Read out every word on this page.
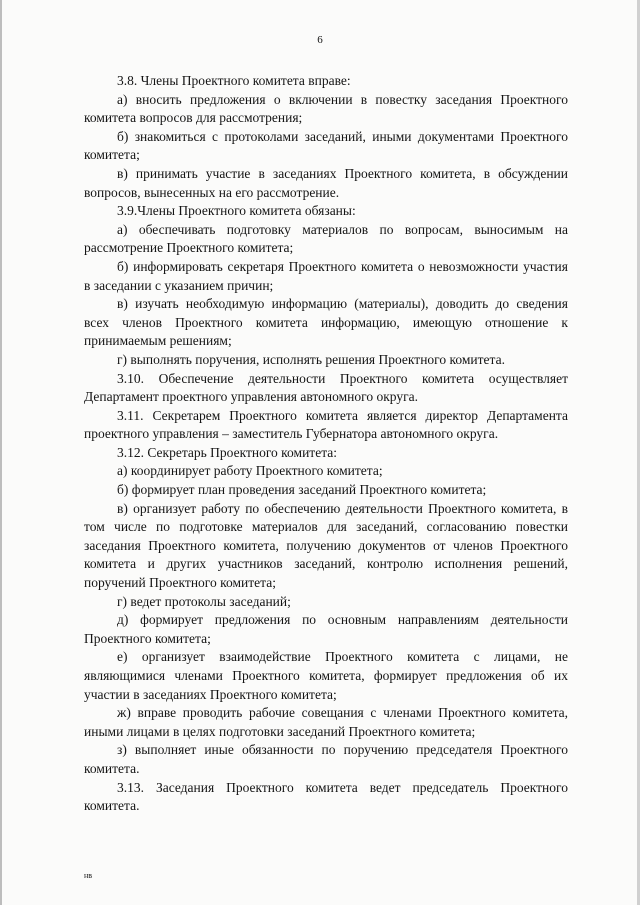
6

3.8. Члены Проектного комитета вправе:

а) вносить предложения о включении в повестку заседания Проектного комитета вопросов для рассмотрения;

б) знакомиться с протоколами заседаний, иными документами Проектного комитета;

в) принимать участие в заседаниях Проектного комитета, в обсуждении вопросов, вынесенных на его рассмотрение.

3.9.Члены Проектного комитета обязаны:

а) обеспечивать подготовку материалов по вопросам, выносимым на рассмотрение Проектного комитета;

б) информировать секретаря Проектного комитета о невозможности участия в заседании с указанием причин;

в) изучать необходимую информацию (материалы), доводить до сведения всех членов Проектного комитета информацию, имеющую отношение к принимаемым решениям;

г) выполнять поручения, исполнять решения Проектного комитета.

3.10. Обеспечение деятельности Проектного комитета осуществляет Департамент проектного управления автономного округа.

3.11. Секретарем Проектного комитета является директор Департамента проектного управления – заместитель Губернатора автономного округа.

3.12. Секретарь Проектного комитета:

а) координирует работу Проектного комитета;

б) формирует план проведения заседаний Проектного комитета;

в) организует работу по обеспечению деятельности Проектного комитета, в том числе по подготовке материалов для заседаний, согласованию повестки заседания Проектного комитета, получению документов от членов Проектного комитета и других участников заседаний, контролю исполнения решений, поручений Проектного комитета;

г) ведет протоколы заседаний;

д) формирует предложения по основным направлениям деятельности Проектного комитета;

е) организует взаимодействие Проектного комитета с лицами, не являющимися членами Проектного комитета, формирует предложения об их участии в заседаниях Проектного комитета;

ж) вправе проводить рабочие совещания с членами Проектного комитета, иными лицами в целях подготовки заседаний Проектного комитета;

з) выполняет иные обязанности по поручению председателя Проектного комитета.

3.13. Заседания Проектного комитета ведет председатель Проектного комитета.

нв
